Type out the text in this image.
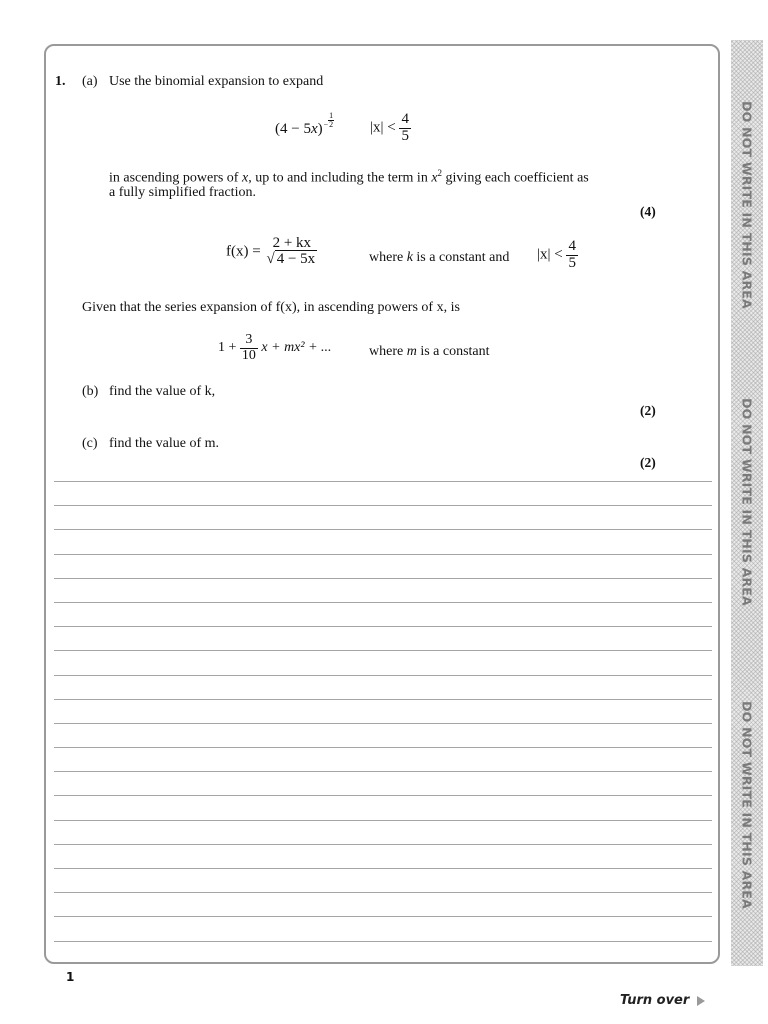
DO NOT WRITE IN THIS AREA
DO NOT WRITE IN THIS AREA
DO NOT WRITE IN THIS AREA
1. (a) Use the binomial expansion to expand
$(4 - 5x)- \frac{1}{2} |x| < \frac{4}{5}$
in ascending powers of x, up to and including the term in $x^2$ giving each coefficient as
a fully simplified fraction.
(4)
f(x) =
2 + kx
√ 4 − 5x	where k is a constant and $|x| < \frac{4}{5}$
Given that the series expansion of f(x), in ascending powers of x, is
$1 + \frac{3}{10}$ x + mx² + ...	where m is a constant
(b) find the value of k,
(2)
(c) find the value of m.
(2)
1
Turn over
